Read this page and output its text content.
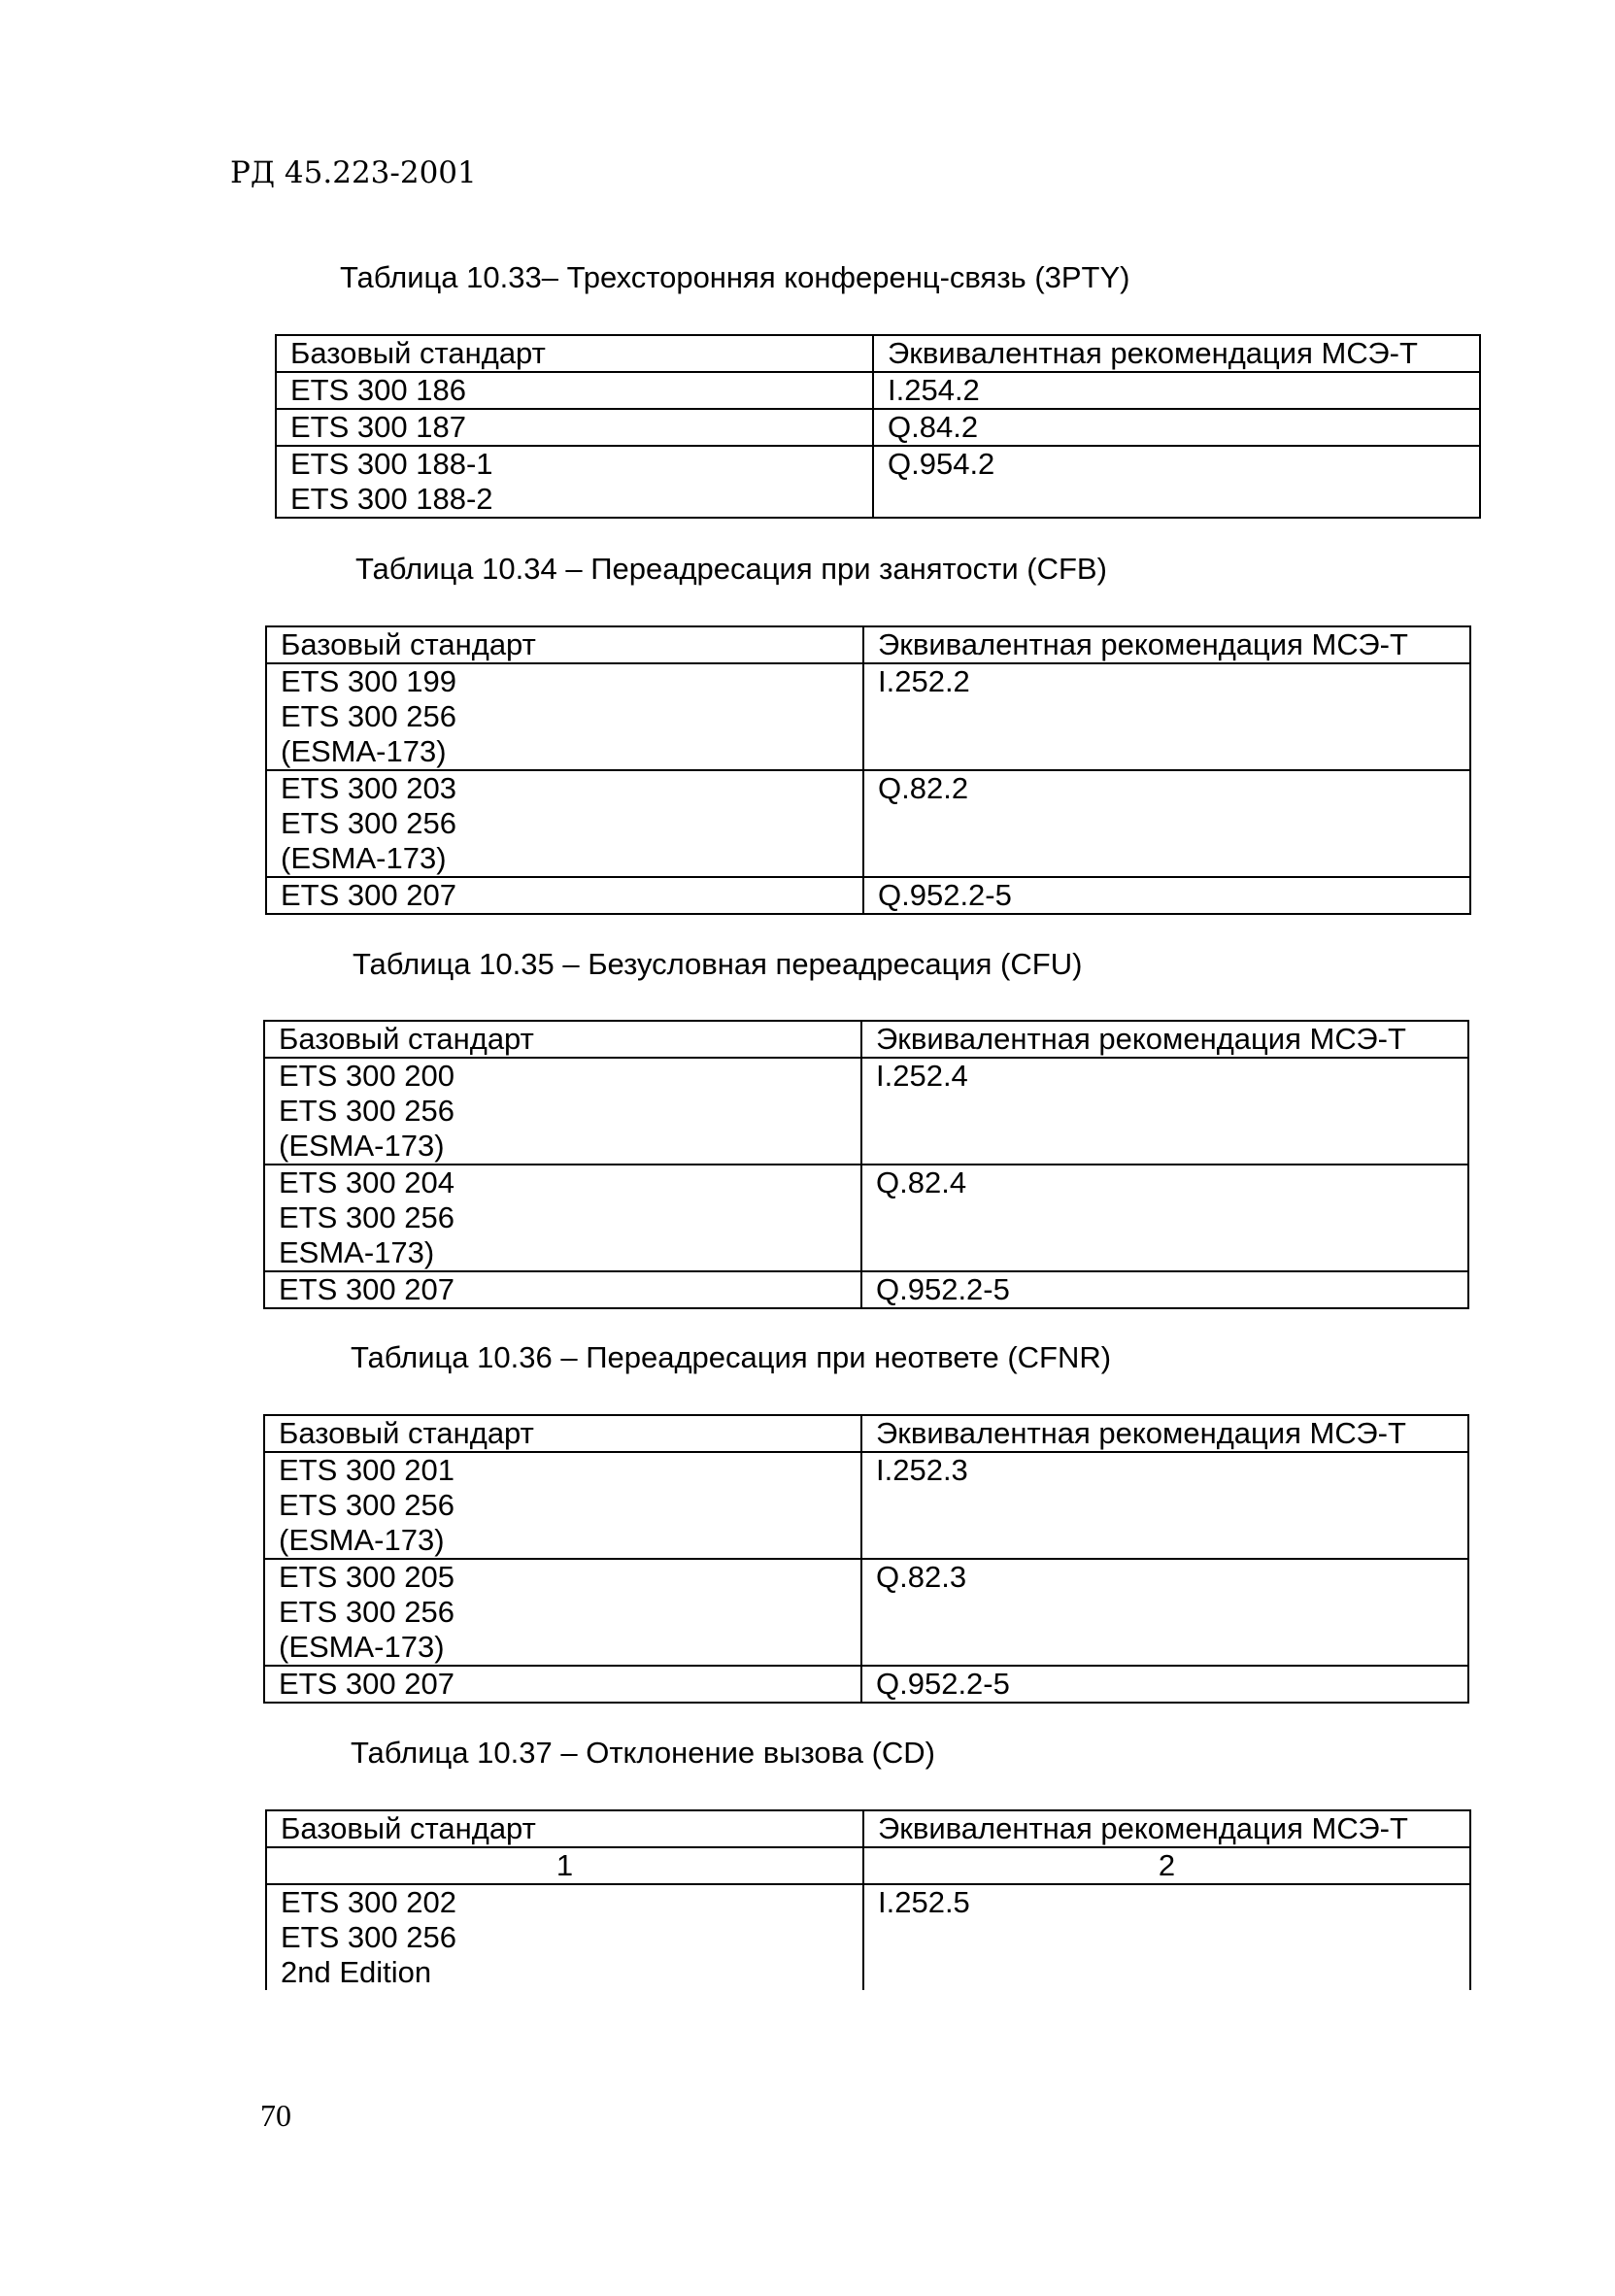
РД 45.223-2001
Таблица 10.33– Трехсторонняя конференц-связь (3PTY)
Базовый стандарт	Эквивалентная рекомендация МСЭ-Т

ETS 300 186	I.254.2

ETS 300 187	Q.84.2

ETS 300 188-1
ETS 300 188-2	Q.954.2
Таблица 10.34 – Переадресация при занятости (CFB)
Базовый стандарт	Эквивалентная рекомендация МСЭ-Т

ETS 300 199
ETS 300 256
(ESMA-173)	I.252.2

ETS 300 203
ETS 300 256
(ESMA-173)	Q.82.2

ETS 300 207	Q.952.2-5
Таблица 10.35 – Безусловная переадресация (CFU)
Базовый стандарт	Эквивалентная рекомендация МСЭ-Т

ETS 300 200
ETS 300 256
(ESMA-173)	I.252.4

ETS 300 204
ETS 300 256
ESMA-173)	Q.82.4

ETS 300 207	Q.952.2-5
Таблица 10.36 – Переадресация при неответе (CFNR)
Базовый стандарт	Эквивалентная рекомендация МСЭ-Т

ETS 300 201
ETS 300 256
(ESMA-173)	I.252.3

ETS 300 205
ETS 300 256
(ESMA-173)	Q.82.3

ETS 300 207	Q.952.2-5
Таблица 10.37 – Отклонение вызова (CD)
Базовый стандарт	Эквивалентная рекомендация МСЭ-Т
1	2

ETS 300 202
ETS 300 256
2nd Edition	I.252.5
70
